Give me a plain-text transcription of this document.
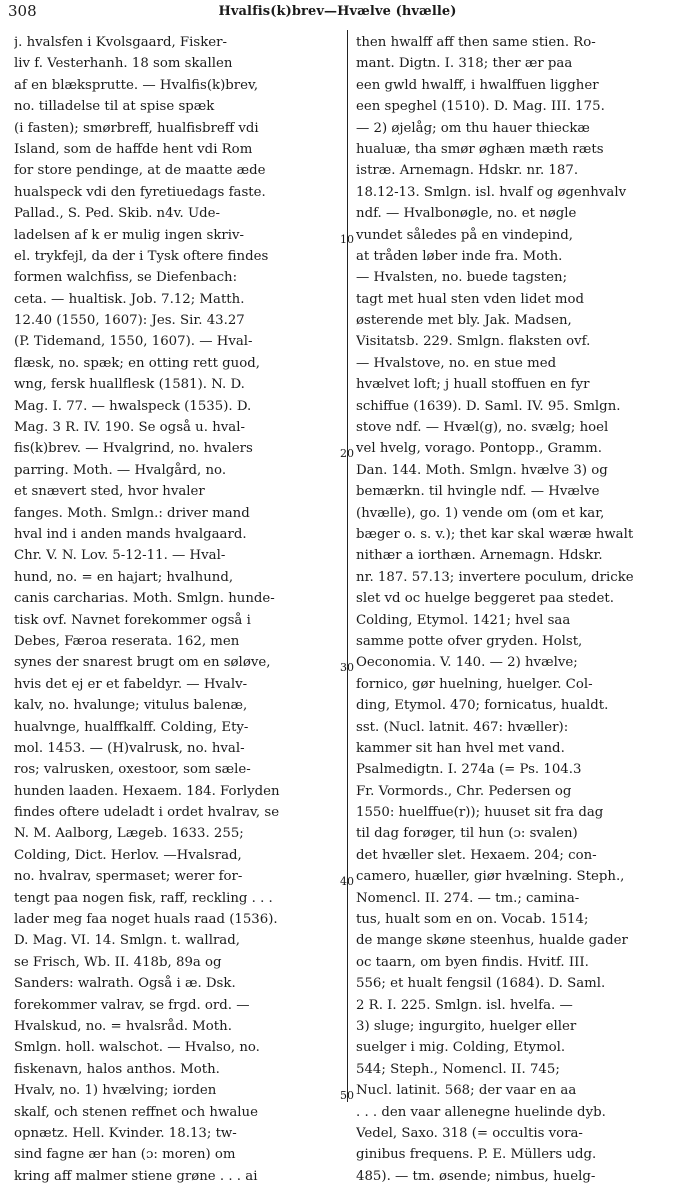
308	Hvalfis(k)brev—Hvælve (hvælle)
j. hvalsfen i Kvolsgaard, Fisker-
liv f. Vesterhanh. 18 som skallen
af en blæksprutte. — Hvalfis(k)brev,
no. tilladelse til at spise spæk
(i fasten); smørbreff, hualfisbreff vdi
Island, som de haffde hent vdi Rom
for store pendinge, at de maatte æde
hualspeck vdi den fyretiuedags faste.
Pallad., S. Ped. Skib. n4v. Ude-
ladelsen af k er mulig ingen skriv-
el. trykfejl, da der i Tysk oftere findes
formen walchfiss, se Diefenbach:
ceta. — hualtisk. Job. 7.12; Matth.
12.40 (1550, 1607): Jes. Sir. 43.27
(P. Tidemand, 1550, 1607). — Hval-
flæsk, no. spæk; en otting rett guod,
wng, fersk huallflesk (1581). N. D.
Mag. I. 77. — hwalspeck (1535). D.
Mag. 3 R. IV. 190. Se også u. hval-
fis(k)brev. — Hvalgrind, no. hvalers
parring. Moth. — Hvalgård, no.
et snævert sted, hvor hvaler
fanges. Moth. Smlgn.: driver mand
hval ind i anden mands hvalgaard.
Chr. V. N. Lov. 5-12-11. — Hval-
hund, no. = en hajart; hvalhund,
canis carcharias. Moth. Smlgn. hunde-
tisk ovf. Navnet forekommer også i
Debes, Færoa reserata. 162, men
synes der snarest brugt om en søløve,
hvis det ej er et fabeldyr. — Hvalv-
kalv, no. hvalunge; vitulus balenæ,
hualvnge, hualffkalff. Colding, Ety-
mol. 1453. — (H)valrusk, no. hval-
ros; valrusken, oxestoor, som sæle-
hunden laaden. Hexaem. 184. Forlyden
findes oftere udeladt i ordet hvalrav, se
N. M. Aalborg, Lægeb. 1633. 255;
Colding, Dict. Herlov. —Hvalsrad,
no. hvalrav, spermaset; werer for-
tengt paa nogen fisk, raff, reckling . . .
lader meg faa noget huals raad (1536).
D. Mag. VI. 14. Smlgn. t. wallrad,
se Frisch, Wb. II. 418b, 89a og
Sanders: walrath. Også i æ. Dsk.
forekommer valrav, se frgd. ord. —
Hvalskud, no. = hvalsråd. Moth.
Smlgn. holl. walschot. — Hvalso, no.
fiskenavn, halos anthos. Moth.
Hvalv, no. 1) hvælving; iorden
skalf, och stenen reffnet och hwalue
opnætz. Hell. Kvinder. 18.13; tw-
sind fagne ær han (ɔ: moren) om
kring aff malmer stiene grøne . . . ai
then hwalff aff then same stien. Ro-
mant. Digtn. I. 318; ther ær paa
een gwld hwalff, i hwalffuen liggher
een speghel (1510). D. Mag. III. 175.
— 2) øjelåg; om thu hauer thieckæ
hualuæ, tha smør øghæn mæth ræts
istræ. Arnemagn. Hdskr. nr. 187.
18.12-13. Smlgn. isl. hvalf og øgenhvalv
ndf. — Hvalbonøgle, no. et nøgle
vundet således på en vindepind,
at tråden løber inde fra. Moth.
— Hvalsten, no. buede tagsten;
tagt met hual sten vden lidet mod
østerende met bly. Jak. Madsen,
Visitatsb. 229. Smlgn. flaksten ovf.
— Hvalstove, no. en stue med
hvælvet loft; j huall stoffuen en fyr
schiffue (1639). D. Saml. IV. 95. Smlgn.
stove ndf. — Hvæl(g), no. svælg; hoel
vel hvelg, vorago. Pontopp., Gramm.
Dan. 144. Moth. Smlgn. hvælve 3) og
bemærkn. til hvingle ndf. — Hvælve
(hvælle), go. 1) vende om (om et kar,
bæger o. s. v.); thet kar skal wæræ hwalt
nithær a iorthæn. Arnemagn. Hdskr.
nr. 187. 57.13; invertere poculum, dricke
slet vd oc huelge beggeret paa stedet.
Colding, Etymol. 1421; hvel saa
samme potte ofver gryden. Holst,
Oeconomia. V. 140. — 2) hvælve;
fornico, gør huelning, huelger. Col-
ding, Etymol. 470; fornicatus, hualdt.
sst. (Nucl. latnit. 467: hvæller):
kammer sit han hvel met vand.
Psalmedigtn. I. 274a (= Ps. 104.3
Fr. Vormords., Chr. Pedersen og
1550: huelffue(r)); huuset sit fra dag
til dag forøger, til hun (ɔ: svalen)
det hvæller slet. Hexaem. 204; con-
camero, huæller, giør hvælning. Steph.,
Nomencl. II. 274. — tm.; camina-
tus, hualt som en on. Vocab. 1514;
de mange skøne steenhus, hualde gader
oc taarn, om byen findis. Hvitf. III.
556; et hualt fengsil (1684). D. Saml.
2 R. I. 225. Smlgn. isl. hvelfa. —
3) sluge; ingurgito, huelger eller
suelger i mig. Colding, Etymol.
544; Steph., Nomencl. II. 745;
Nucl. latinit. 568; der vaar en aa
. . . den vaar allenegne huelinde dyb.
Vedel, Saxo. 318 (= occultis vora-
ginibus frequens. P. E. Müllers udg.
485). — tm. øsende; nimbus, huelg-
10
20
30
40
50
